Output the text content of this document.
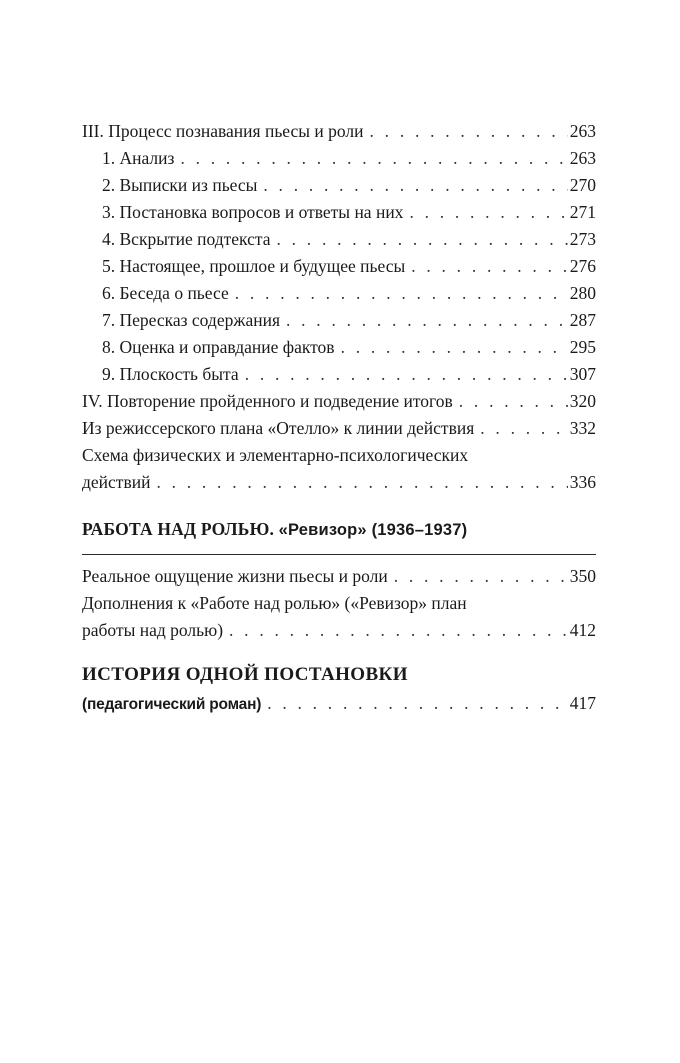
III. Процесс познавания пьесы и роли . . .	263
1. Анализ . . .	263
2. Выписки из пьесы . . .	270
3. Постановка вопросов и ответы на них . . .	271
4. Вскрытие подтекста . . .	273
5. Настоящее, прошлое и будущее пьесы . . .	276
6. Беседа о пьесе . . .	280
7. Пересказ содержания . . .	287
8. Оценка и оправдание фактов . . .	295
9. Плоскость быта . . .	307
IV. Повторение пройденного и подведение итогов . . .	320
Из режиссерского плана «Отелло» к линии действия . . .	332
Схема физических и элементарно-психологических
действий . . .	336
РАБОТА НАД РОЛЬЮ. «Ревизор» (1936–1937)
Реальное ощущение жизни пьесы и роли . . .	350
Дополнения к «Работе над ролью» («Ревизор» план
работы над ролью) . . .	412
ИСТОРИЯ ОДНОЙ ПОСТАНОВКИ
(педагогический роман) . . .	417
